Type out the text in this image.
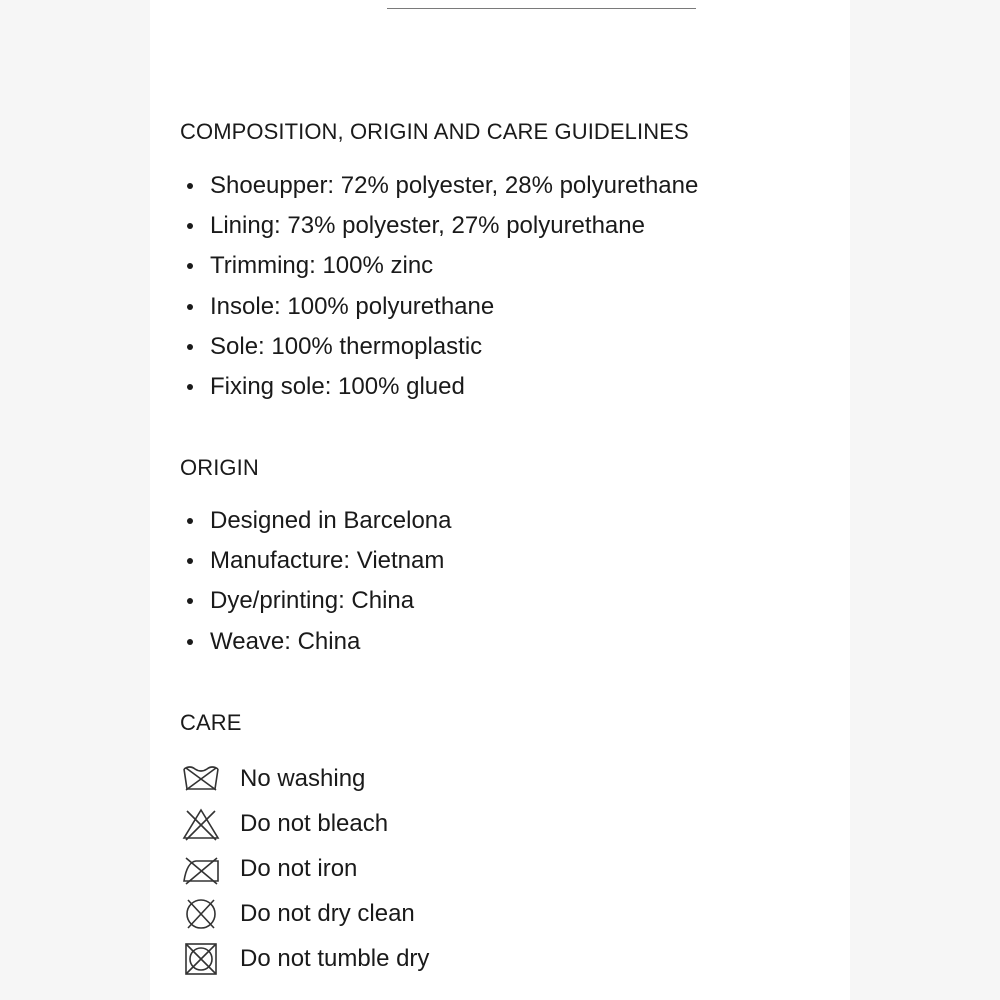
COMPOSITION, ORIGIN AND CARE GUIDELINES
Shoeupper: 72% polyester, 28% polyurethane
Lining: 73% polyester, 27% polyurethane
Trimming: 100% zinc
Insole: 100% polyurethane
Sole: 100% thermoplastic
Fixing sole: 100% glued
ORIGIN
Designed in Barcelona
Manufacture: Vietnam
Dye/printing: China
Weave: China
CARE
No washing
Do not bleach
Do not iron
Do not dry clean
Do not tumble dry
